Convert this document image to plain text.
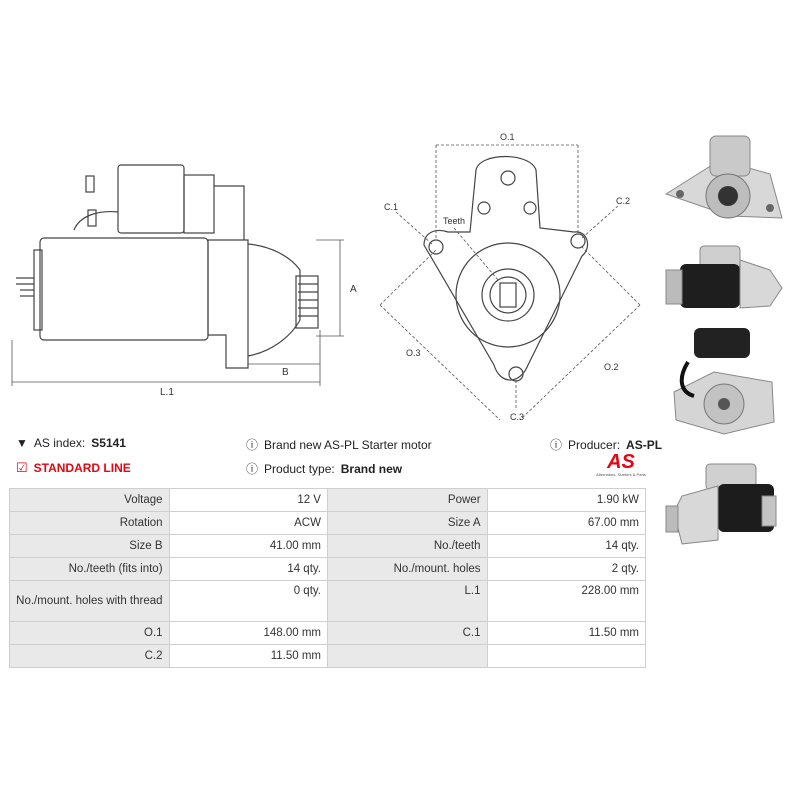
A
B
L.1
O.1
C.1
C.2
Teeth
O.3
O.2
C.3
▼ AS index: S5141
☑ STANDARD LINE
ⓘ Brand new AS-PL Starter motor
ⓘ Product type: Brand new
ⓘ Producer: AS-PL
AS
Alternators, Starters & Parts
Voltage	12 V	Power	1.90 kW
Rotation	ACW	Size A	67.00 mm
Size B	41.00 mm	No./teeth	14 qty.
No./teeth (fits into)	14 qty.	No./mount. holes	2 qty.
No./mount. holes with thread	0 qty.	L.1	228.00 mm
O.1	148.00 mm	C.1	11.50 mm
C.2	11.50 mm		
